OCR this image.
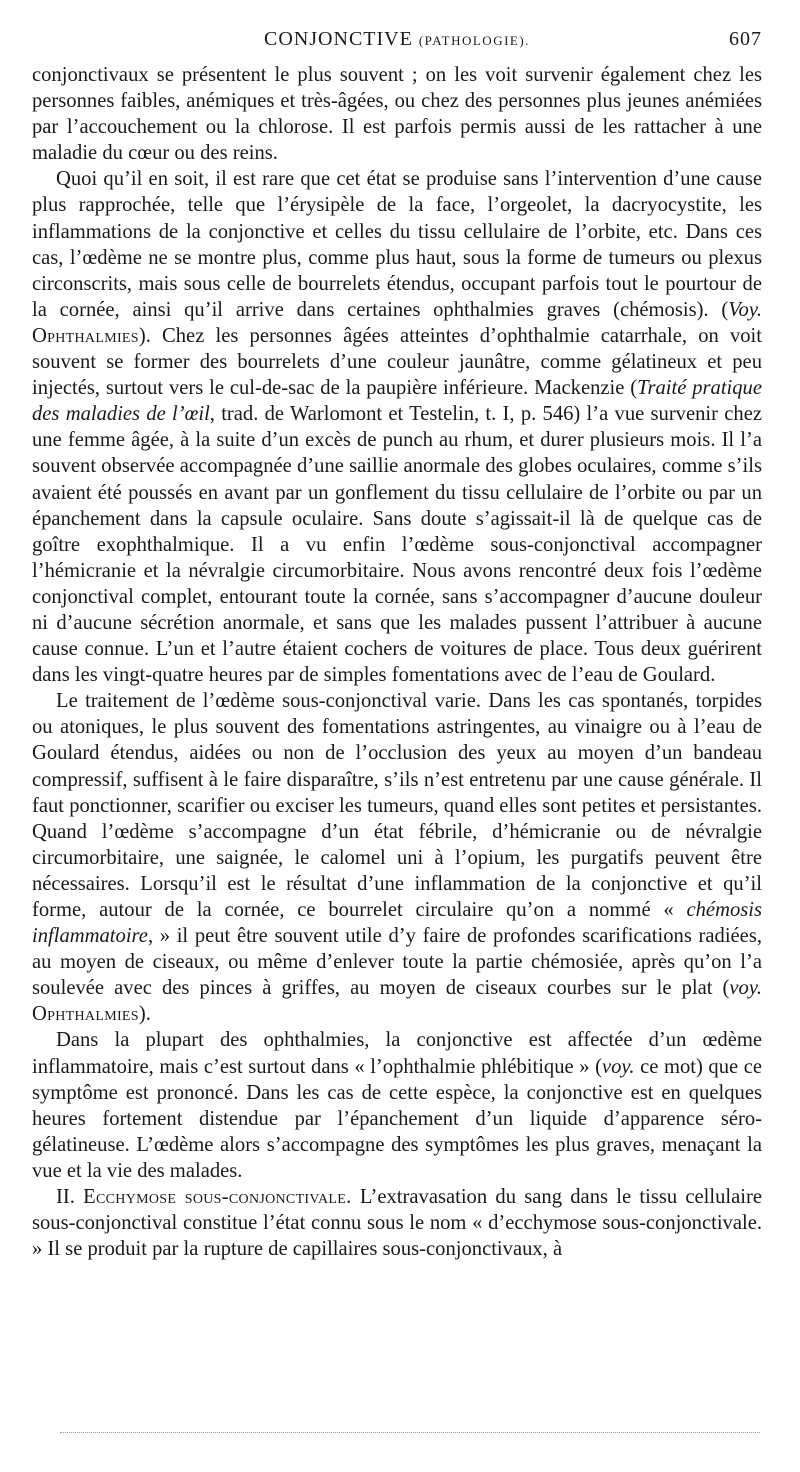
CONJONCTIVE (PATHOLOGIE).	607

conjonctivaux se présentent le plus souvent ; on les voit survenir également chez les personnes faibles, anémiques et très-âgées, ou chez des personnes plus jeunes anémiées par l’accouchement ou la chlorose. Il est parfois permis aussi de les rattacher à une maladie du cœur ou des reins.

Quoi qu’il en soit, il est rare que cet état se produise sans l’intervention d’une cause plus rapprochée, telle que l’érysipèle de la face, l’orgeolet, la dacryocystite, les inflammations de la conjonctive et celles du tissu cellulaire de l’orbite, etc. Dans ces cas, l’œdème ne se montre plus, comme plus haut, sous la forme de tumeurs ou plexus circonscrits, mais sous celle de bourrelets étendus, occupant parfois tout le pourtour de la cornée, ainsi qu’il arrive dans certaines ophthalmies graves (chémosis). (Voy. Ophthalmies). Chez les personnes âgées atteintes d’ophthalmie catarrhale, on voit souvent se former des bourrelets d’une couleur jaunâtre, comme gélatineux et peu injectés, surtout vers le cul-de-sac de la paupière inférieure. Mackenzie (Traité pratique des maladies de l’œil, trad. de Warlomont et Testelin, t. I, p. 546) l’a vue survenir chez une femme âgée, à la suite d’un excès de punch au rhum, et durer plusieurs mois. Il l’a souvent observée accompagnée d’une saillie anormale des globes oculaires, comme s’ils avaient été poussés en avant par un gonflement du tissu cellulaire de l’orbite ou par un épanchement dans la capsule oculaire. Sans doute s’agissait-il là de quelque cas de goître exophthalmique. Il a vu enfin l’œdème sous-conjonctival accompagner l’hémicranie et la névralgie circumorbitaire. Nous avons rencontré deux fois l’œdème conjonctival complet, entourant toute la cornée, sans s’accompagner d’aucune douleur ni d’aucune sécrétion anormale, et sans que les malades pussent l’attribuer à aucune cause connue. L’un et l’autre étaient cochers de voitures de place. Tous deux guérirent dans les vingt-quatre heures par de simples fomentations avec de l’eau de Goulard.

Le traitement de l’œdème sous-conjonctival varie. Dans les cas spontanés, torpides ou atoniques, le plus souvent des fomentations astringentes, au vinaigre ou à l’eau de Goulard étendus, aidées ou non de l’occlusion des yeux au moyen d’un bandeau compressif, suffisent à le faire disparaître, s’ils n’est entretenu par une cause générale. Il faut ponctionner, scarifier ou exciser les tumeurs, quand elles sont petites et persistantes. Quand l’œdème s’accompagne d’un état fébrile, d’hémicranie ou de névralgie circumorbitaire, une saignée, le calomel uni à l’opium, les purgatifs peuvent être nécessaires. Lorsqu’il est le résultat d’une inflammation de la conjonctive et qu’il forme, autour de la cornée, ce bourrelet circulaire qu’on a nommé « chémosis inflammatoire, » il peut être souvent utile d’y faire de profondes scarifications radiées, au moyen de ciseaux, ou même d’enlever toute la partie chémosiée, après qu’on l’a soulevée avec des pinces à griffes, au moyen de ciseaux courbes sur le plat (voy. Ophthalmies).

Dans la plupart des ophthalmies, la conjonctive est affectée d’un œdème inflammatoire, mais c’est surtout dans « l’ophthalmie phlébitique » (voy. ce mot) que ce symptôme est prononcé. Dans les cas de cette espèce, la conjonctive est en quelques heures fortement distendue par l’épanchement d’un liquide d’apparence séro-gélatineuse. L’œdème alors s’accompagne des symptômes les plus graves, menaçant la vue et la vie des malades.

II. Ecchymose sous-conjonctivale. L’extravasation du sang dans le tissu cellulaire sous-conjonctival constitue l’état connu sous le nom « d’ecchymose sous-conjonctivale. » Il se produit par la rupture de capillaires sous-conjonctivaux, à
